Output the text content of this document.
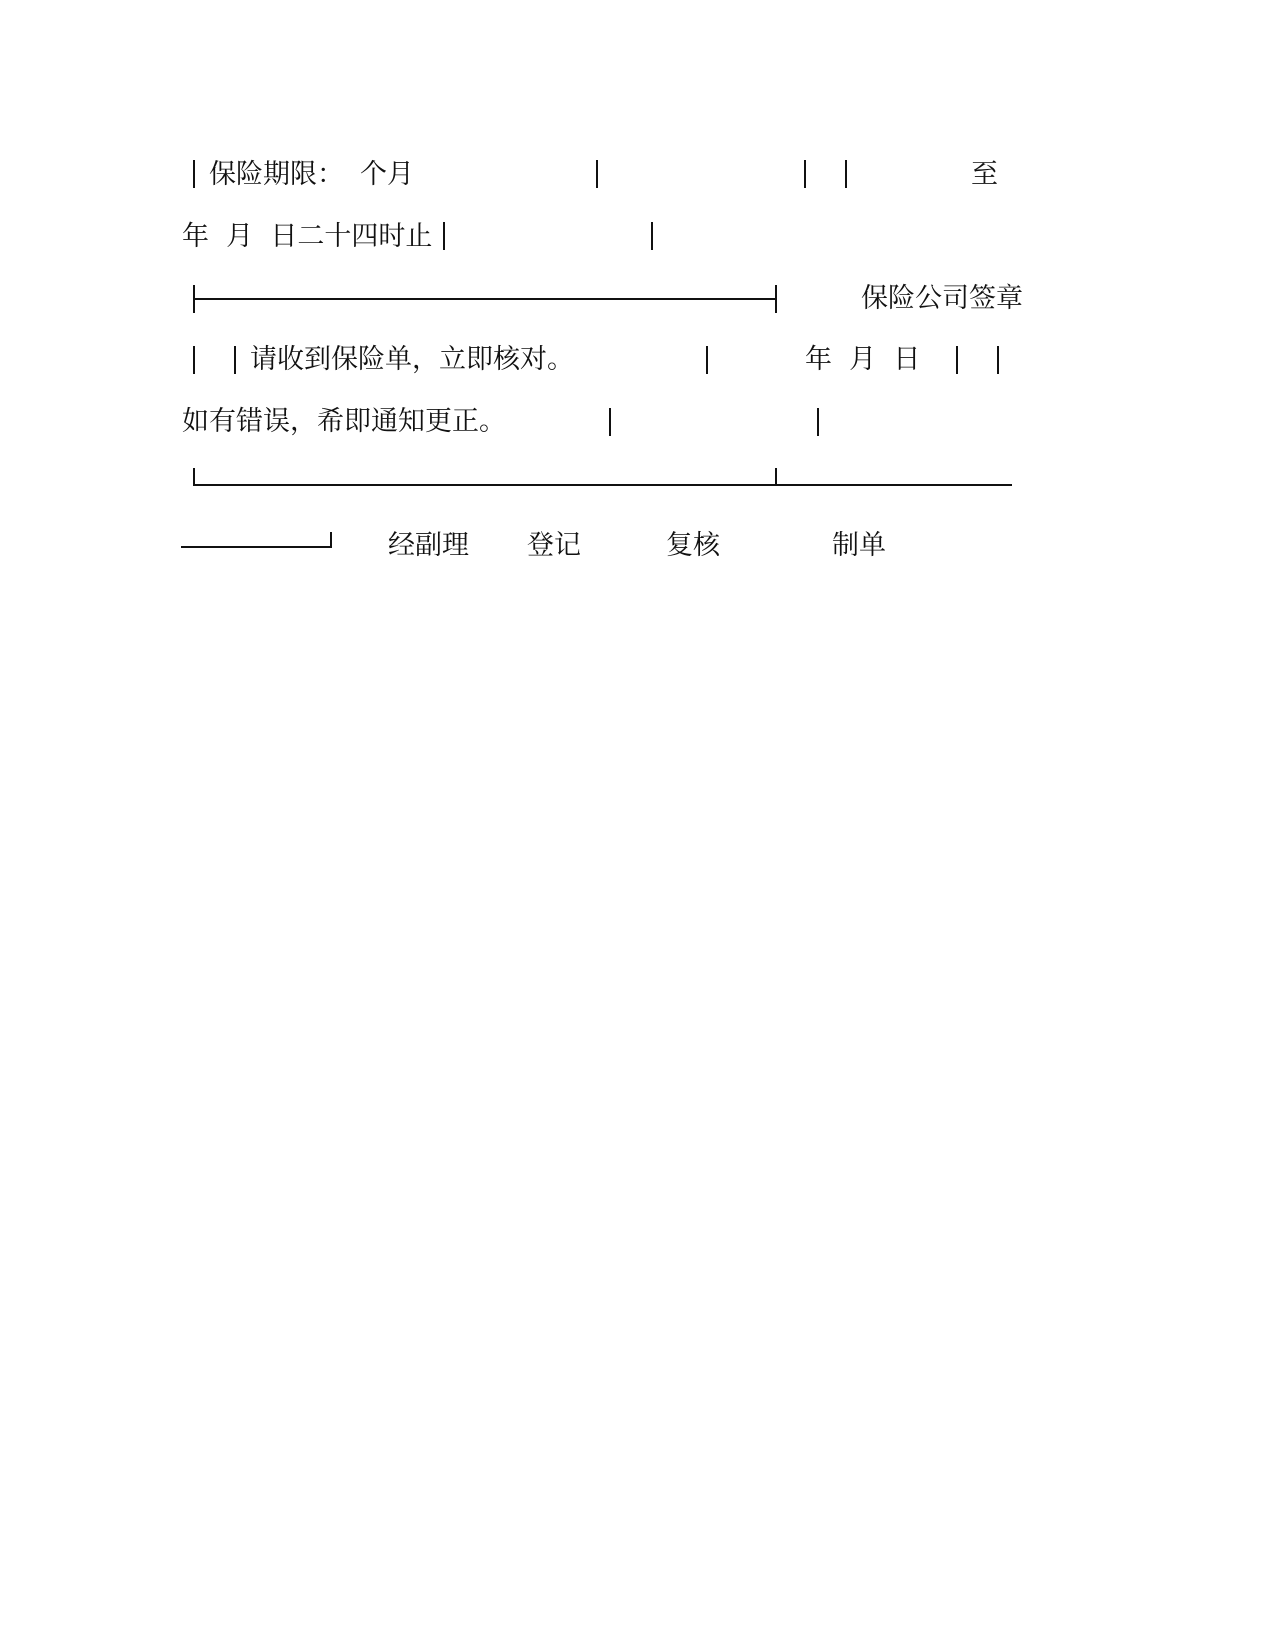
保险期限： 个月	至
年  月  日二十四时止
保险公司签章
请收到保险单，立即核对。	年  月  日
如有错误，希即通知更正。
经副理 登记	复核	制单
